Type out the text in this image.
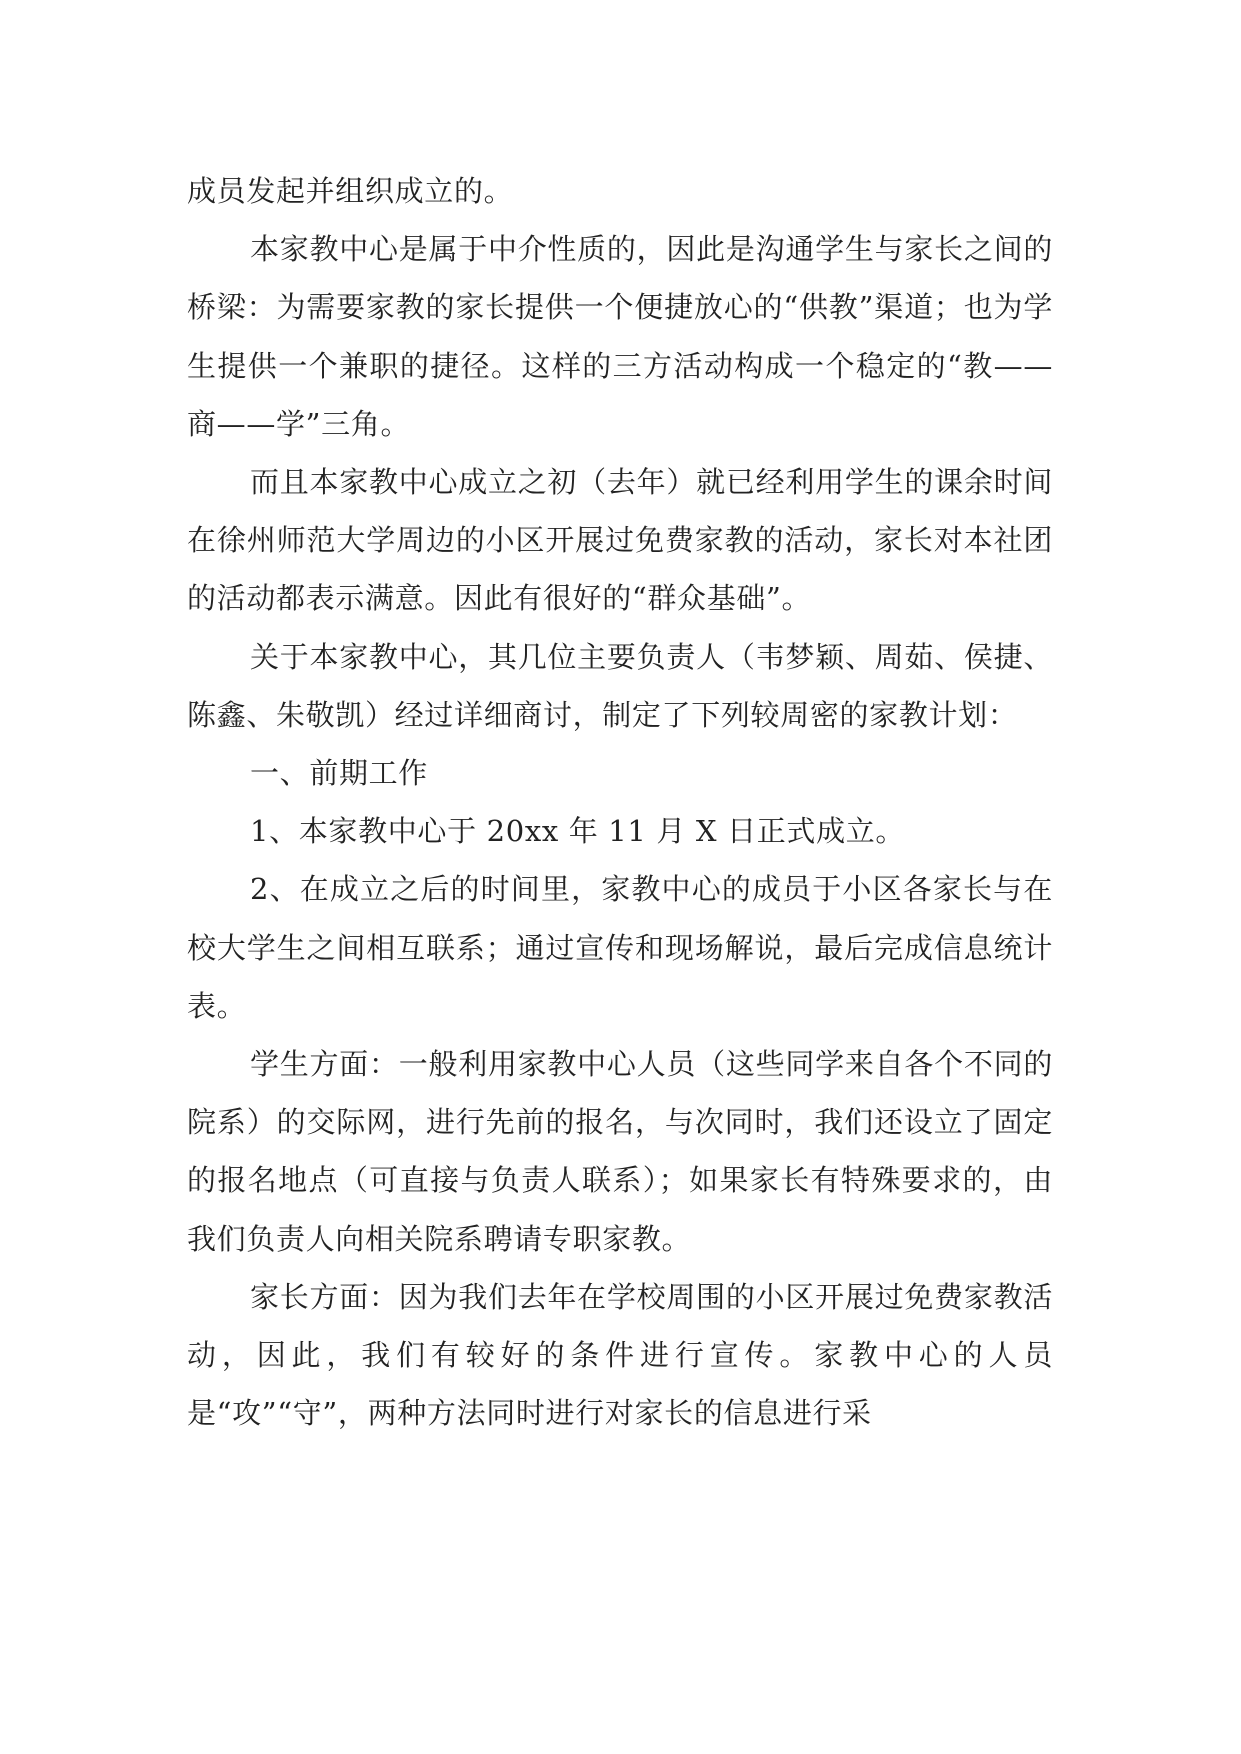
成员发起并组织成立的。

本家教中心是属于中介性质的，因此是沟通学生与家长之间的桥梁：为需要家教的家长提供一个便捷放心的“供教”渠道；也为学生提供一个兼职的捷径。这样的三方活动构成一个稳定的“教——商——学”三角。

而且本家教中心成立之初（去年）就已经利用学生的课余时间在徐州师范大学周边的小区开展过免费家教的活动，家长对本社团的活动都表示满意。因此有很好的“群众基础”。

关于本家教中心，其几位主要负责人（韦梦颖、周茹、侯捷、陈鑫、朱敬凯）经过详细商讨，制定了下列较周密的家教计划：

一、前期工作

1、本家教中心于 20xx 年 11 月 X 日正式成立。

2、在成立之后的时间里，家教中心的成员于小区各家长与在校大学生之间相互联系；通过宣传和现场解说，最后完成信息统计表。

学生方面：一般利用家教中心人员（这些同学来自各个不同的院系）的交际网，进行先前的报名，与次同时，我们还设立了固定的报名地点（可直接与负责人联系）；如果家长有特殊要求的，由我们负责人向相关院系聘请专职家教。

家长方面：因为我们去年在学校周围的小区开展过免费家教活动，因此，我们有较好的条件进行宣传。家教中心的人员是“攻”“守”，两种方法同时进行对家长的信息进行采
